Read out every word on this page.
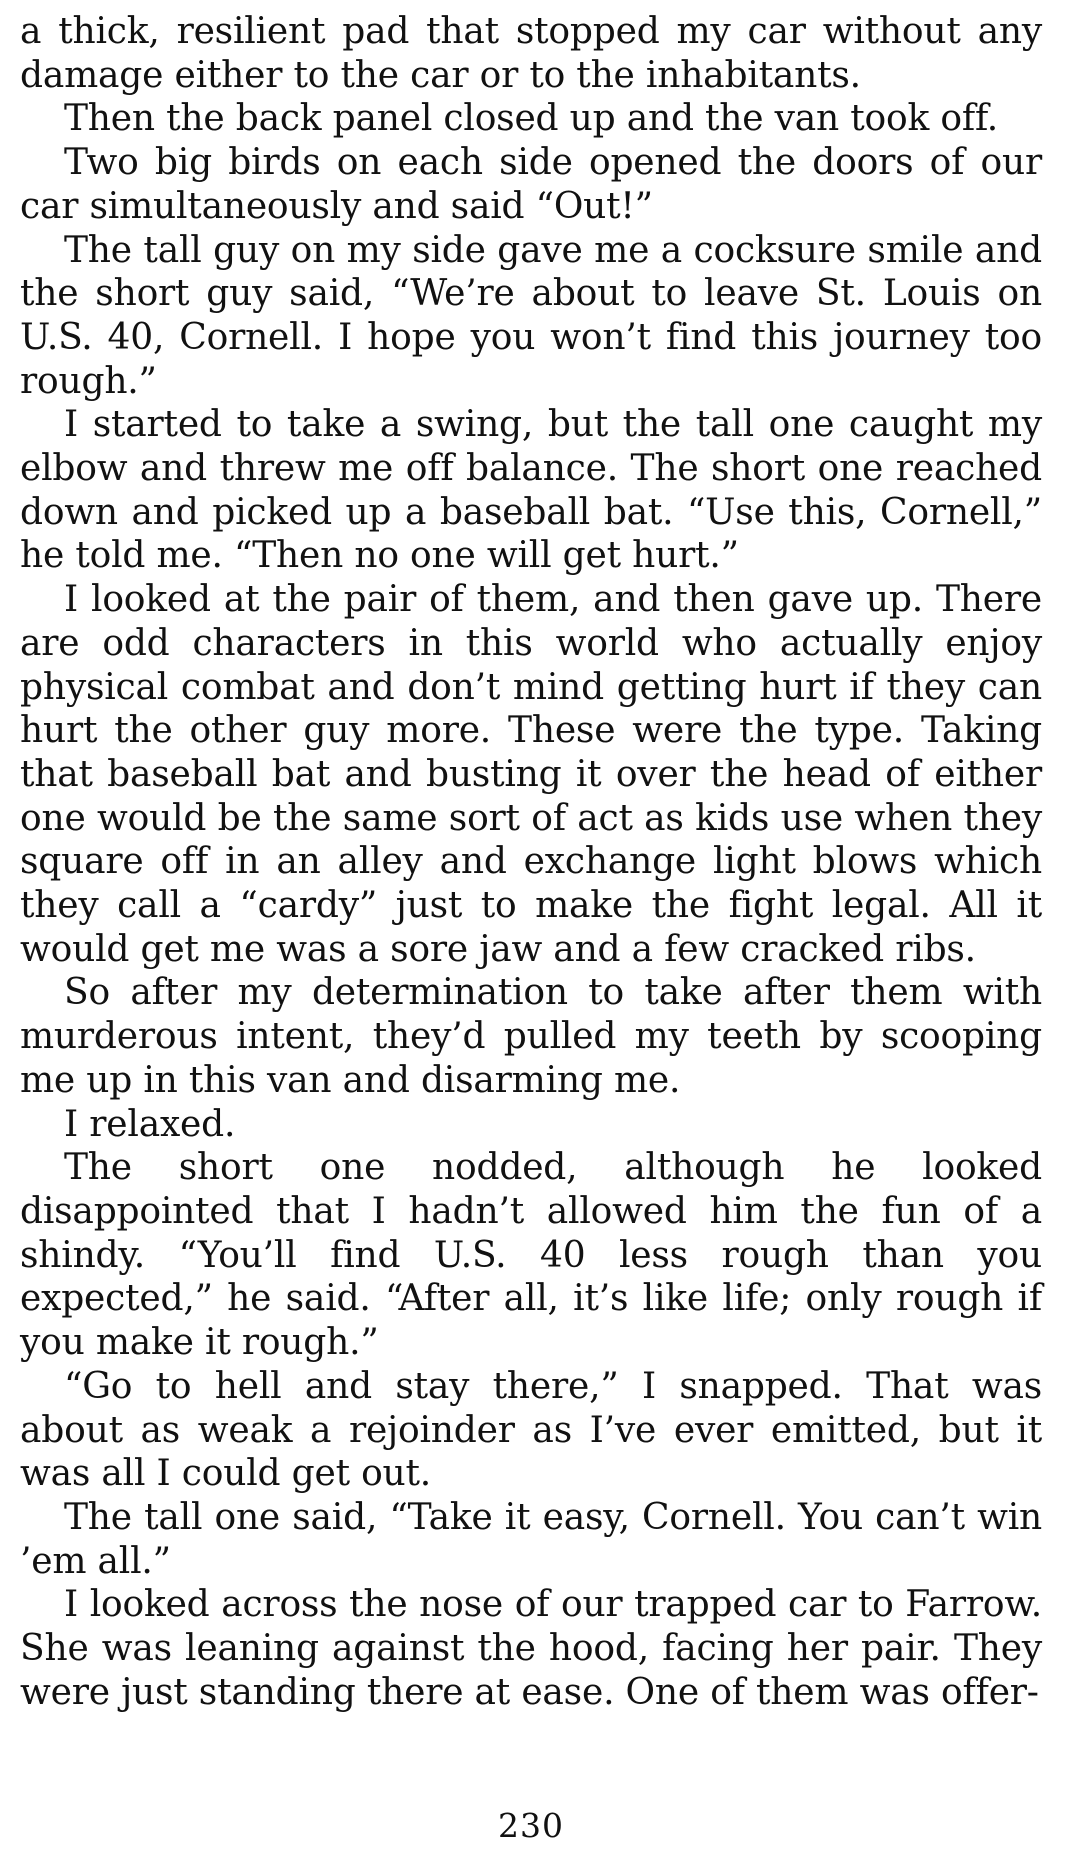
a thick, resilient pad that stopped my car without any damage either to the car or to the inhabitants.

Then the back panel closed up and the van took off.

Two big birds on each side opened the doors of our car simultaneously and said “Out!”

The tall guy on my side gave me a cocksure smile and the short guy said, “We’re about to leave St. Louis on U.S. 40, Cornell. I hope you won’t find this journey too rough.”

I started to take a swing, but the tall one caught my elbow and threw me off balance. The short one reached down and picked up a baseball bat. “Use this, Cornell,” he told me. “Then no one will get hurt.”

I looked at the pair of them, and then gave up. There are odd characters in this world who actually enjoy physical combat and don’t mind getting hurt if they can hurt the other guy more. These were the type. Taking that baseball bat and busting it over the head of either one would be the same sort of act as kids use when they square off in an alley and exchange light blows which they call a “cardy” just to make the fight legal. All it would get me was a sore jaw and a few cracked ribs.

So after my determination to take after them with murderous intent, they’d pulled my teeth by scooping me up in this van and disarming me.

I relaxed.

The short one nodded, although he looked disappointed that I hadn’t allowed him the fun of a shindy. “You’ll find U.S. 40 less rough than you expected,” he said. “After all, it’s like life; only rough if you make it rough.”

“Go to hell and stay there,” I snapped. That was about as weak a rejoinder as I’ve ever emitted, but it was all I could get out.

The tall one said, “Take it easy, Cornell. You can’t win ’em all.”

I looked across the nose of our trapped car to Farrow. She was leaning against the hood, facing her pair. They were just standing there at ease. One of them was offer-

230
